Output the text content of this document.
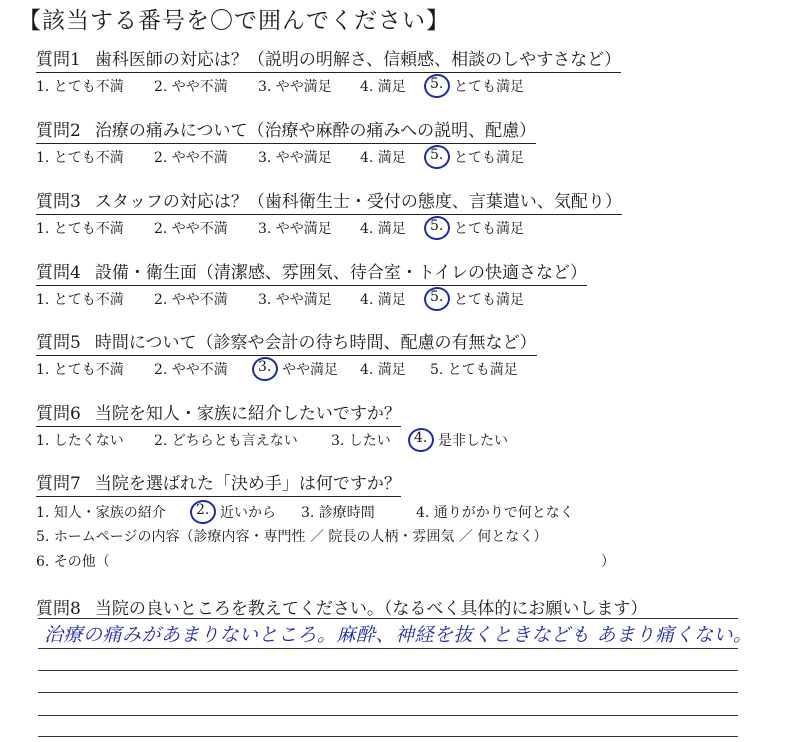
【該当する番号を〇で囲んでください】
質問1 歯科医師の対応は？（説明の明解さ、信頼感、相談のしやすさなど）
1. とても不満 2. やや不満 3. やや満足 4. 満足 5. とても満足
質問2 治療の痛みについて（治療や麻酔の痛みへの説明、配慮）
1. とても不満 2. やや不満 3. やや満足 4. 満足 5. とても満足
質問3 スタッフの対応は？（歯科衛生士・受付の態度、言葉遣い、気配り）
1. とても不満 2. やや不満 3. やや満足 4. 満足 5. とても満足
質問4 設備・衛生面（清潔感、雰囲気、待合室・トイレの快適さなど）
1. とても不満 2. やや不満 3. やや満足 4. 満足 5. とても満足
質問5 時間について（診察や会計の待ち時間、配慮の有無など）
1. とても不満 2. やや不満 3. やや満足 4. 満足 5. とても満足
質問6 当院を知人・家族に紹介したいですか？
1. したくない 2. どちらとも言えない 3. したい 4. 是非したい
質問7 当院を選ばれた「決め手」は何ですか？
1. 知人・家族の紹介 2. 近いから 3. 診療時間	4. 通りがかりで何となく
5. ホームページの内容（診療内容・専門性 ／ 院長の人柄・雰囲気 ／ 何となく）
6. その他（	）
質問8 当院の良いところを教えてください。（なるべく具体的にお願いします）
治療の痛みがあまりないところ。麻酔、神経を抜くときなども あまり痛くない。
